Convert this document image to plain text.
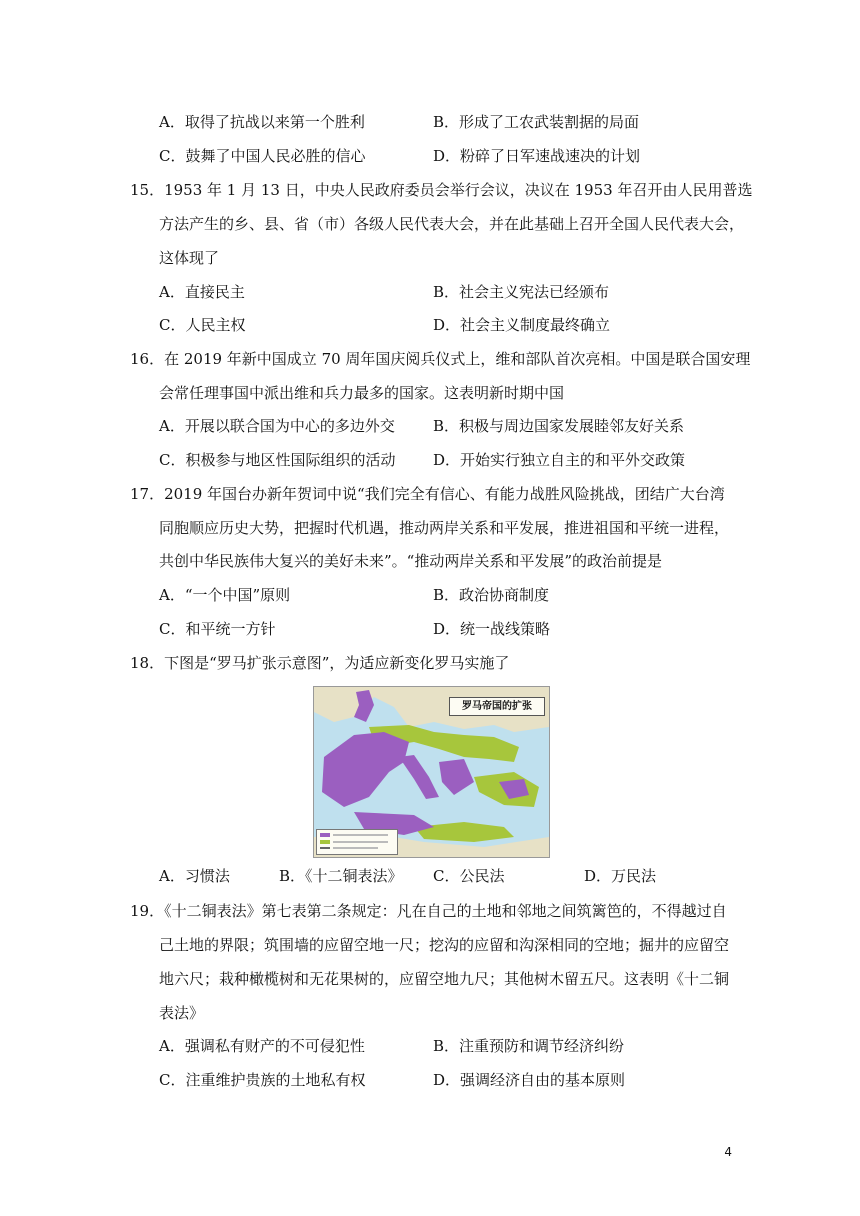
A．取得了抗战以来第一个胜利	B．形成了工农武装割据的局面
C．鼓舞了中国人民必胜的信心	D．粉碎了日军速战速决的计划
15．1953 年 1 月 13 日，中央人民政府委员会举行会议，决议在 1953 年召开由人民用普选
方法产生的乡、县、省（市）各级人民代表大会，并在此基础上召开全国人民代表大会，
这体现了
A．直接民主	B．社会主义宪法已经颁布
C．人民主权	D．社会主义制度最终确立
16．在 2019 年新中国成立 70 周年国庆阅兵仪式上，维和部队首次亮相。中国是联合国安理
会常任理事国中派出维和兵力最多的国家。这表明新时期中国
A．开展以联合国为中心的多边外交	B．积极与周边国家发展睦邻友好关系
C．积极参与地区性国际组织的活动	D．开始实行独立自主的和平外交政策
17．2019 年国台办新年贺词中说“我们完全有信心、有能力战胜风险挑战，团结广大台湾
同胞顺应历史大势，把握时代机遇，推动两岸关系和平发展，推进祖国和平统一进程，
共创中华民族伟大复兴的美好未来”。“推动两岸关系和平发展”的政治前提是
A．“一个中国”原则	B．政治协商制度
C．和平统一方针	D．统一战线策略
18．下图是“罗马扩张示意图”，为适应新变化罗马实施了
罗马帝国的扩张
A．习惯法	B．《十二铜表法》 C．公民法	D．万民法
19．《十二铜表法》第七表第二条规定：凡在自己的土地和邻地之间筑篱笆的，不得越过自
己土地的界限；筑围墙的应留空地一尺；挖沟的应留和沟深相同的空地；掘井的应留空
地六尺；栽种橄榄树和无花果树的，应留空地九尺；其他树木留五尺。这表明《十二铜
表法》
A．强调私有财产的不可侵犯性	B．注重预防和调节经济纠纷
C．注重维护贵族的土地私有权	D．强调经济自由的基本原则
4
